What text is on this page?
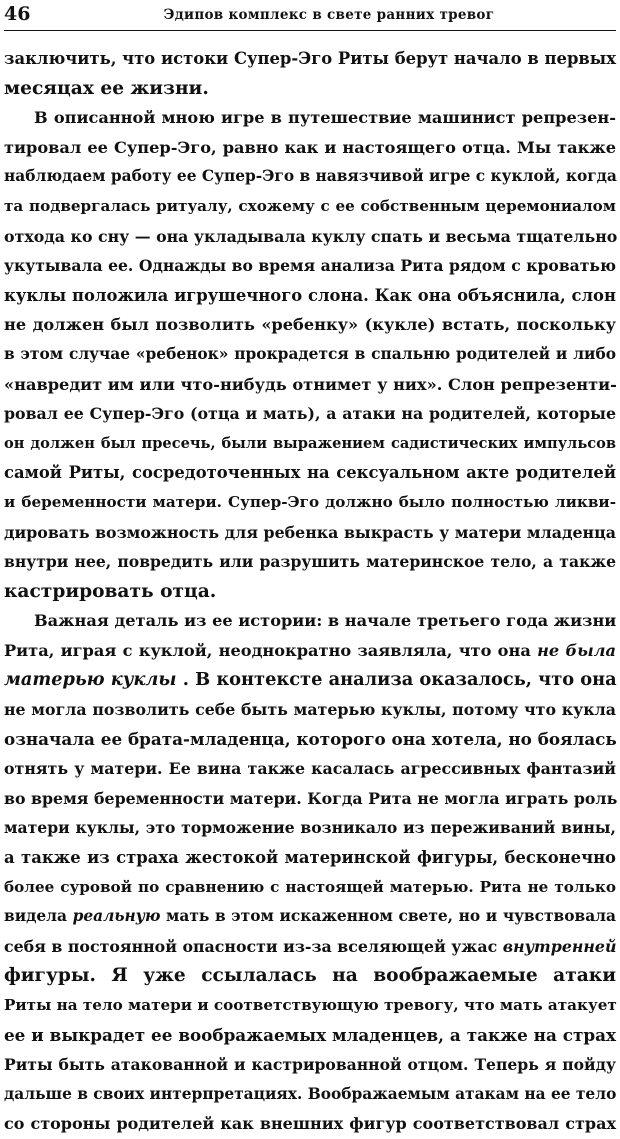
46	Эдипов комплекс в свете ранних тревог
заключить, что истоки Супер-Эго Риты берут начало в первых
месяцах ее жизни.
В описанной мною игре в путешествие машинист репрезен-
тировал ее Супер-Эго, равно как и настоящего отца. Мы также
наблюдаем работу ее Супер-Эго в навязчивой игре с куклой, когда
та подвергалась ритуалу, схожему с ее собственным церемониалом
отхода ко сну — она укладывала куклу спать и весьма тщательно
укутывала ее. Однажды во время анализа Рита рядом с кроватью
куклы положила игрушечного слона. Как она объяснила, слон
не должен был позволить «ребенку» (кукле) встать, поскольку
в этом случае «ребенок» прокрадется в спальню родителей и либо
«навредит им или что-нибудь отнимет у них». Слон репрезенти-
ровал ее Супер-Эго (отца и мать), а атаки на родителей, которые
он должен был пресечь, были выражением садистических импульсов
самой Риты, сосредоточенных на сексуальном акте родителей
и беременности матери. Супер-Эго должно было полностью ликви-
дировать возможность для ребенка выкрасть у матери младенца
внутри нее, повредить или разрушить материнское тело, а также
кастрировать отца.
Важная деталь из ее истории: в начале третьего года жизни
Рита, играя с куклой, неоднократно заявляла, что она не была
матерью куклы . В контексте анализа оказалось, что она
не могла позволить себе быть матерью куклы, потому что кукла
означала ее брата-младенца, которого она хотела, но боялась
отнять у матери. Ее вина также касалась агрессивных фантазий
во время беременности матери. Когда Рита не могла играть роль
матери куклы, это торможение возникало из переживаний вины,
а также из страха жестокой материнской фигуры, бесконечно
более суровой по сравнению с настоящей матерью. Рита не только
видела реальную мать в этом искаженном свете, но и чувствовала
себя в постоянной опасности из-за вселяющей ужас внутренней
фигуры. Я уже ссылалась на воображаемые атаки
Риты на тело матери и соответствующую тревогу, что мать атакует
ее и выкрадет ее воображаемых младенцев, а также на страх
Риты быть атакованной и кастрированной отцом. Теперь я пойду
дальше в своих интерпретациях. Воображаемым атакам на ее тело
со стороны родителей как внешних фигур соответствовал страх
